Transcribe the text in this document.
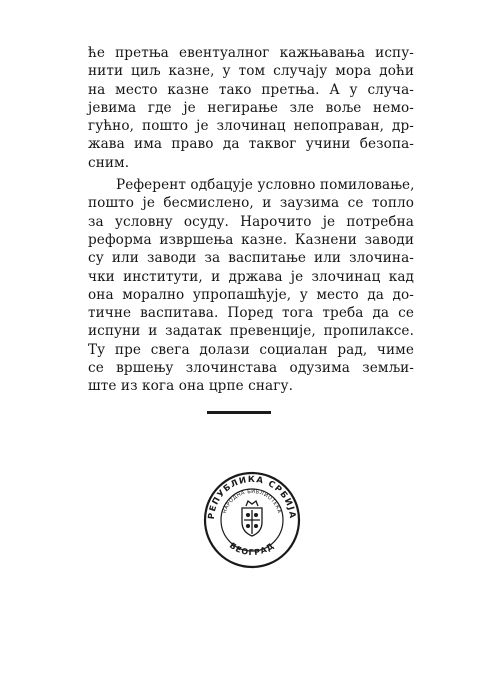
ће претња евентуалног кажњавања испу-
нити циљ казне, у том случају мора доћи
на место казне тако претња. А у случа-
јевима где је негирање зле воље немо-
гућно, пошто је злочинац непоправан, др-
жава има право да таквог учини безопа-
сним.
Референт одбацује условно помиловање,
пошто је бесмислено, и заузима се топло
за условну осуду. Нарочито је потребна
реформа извршења казне. Казнени заводи
су или заводи за васпитање или злочина-
чки институти, и држава је злочинац кад
она морално упропашћује, у место да до-
тичне васпитава. Поред тога треба да се
испуни и задатак превенције, пропилаксе.
Ту пре свега долази социалан рад, чиме
се вршењу злочинстава одузима земљи-
ште из кога она црпе снагу.
РЕПУБЛИКА СРБИЈА
НАРОДНА БИБЛИОТЕКА
БЕОГРАД
